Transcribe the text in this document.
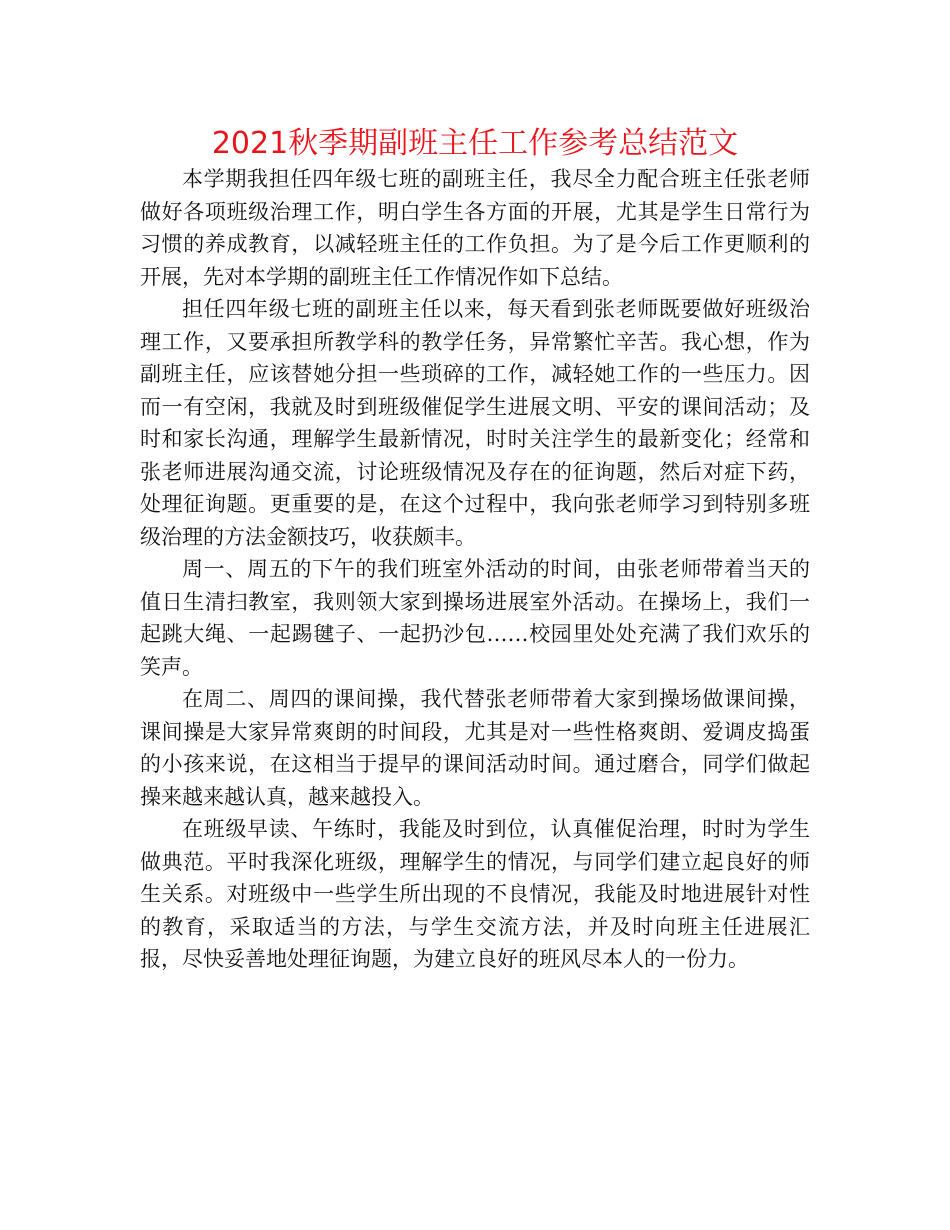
2021秋季期副班主任工作参考总结范文

本学期我担任四年级七班的副班主任，我尽全力配合班主任张老师做好各项班级治理工作，明白学生各方面的开展，尤其是学生日常行为习惯的养成教育，以减轻班主任的工作负担。为了是今后工作更顺利的开展，先对本学期的副班主任工作情况作如下总结。

担任四年级七班的副班主任以来，每天看到张老师既要做好班级治理工作，又要承担所教学科的教学任务，异常繁忙辛苦。我心想，作为副班主任，应该替她分担一些琐碎的工作，减轻她工作的一些压力。因而一有空闲，我就及时到班级催促学生进展文明、平安的课间活动；及时和家长沟通，理解学生最新情况，时时关注学生的最新变化；经常和张老师进展沟通交流，讨论班级情况及存在的征询题，然后对症下药，处理征询题。更重要的是，在这个过程中，我向张老师学习到特别多班级治理的方法金额技巧，收获颇丰。

周一、周五的下午的我们班室外活动的时间，由张老师带着当天的值日生清扫教室，我则领大家到操场进展室外活动。在操场上，我们一起跳大绳、一起踢毽子、一起扔沙包……校园里处处充满了我们欢乐的笑声。

在周二、周四的课间操，我代替张老师带着大家到操场做课间操，课间操是大家异常爽朗的时间段，尤其是对一些性格爽朗、爱调皮捣蛋的小孩来说，在这相当于提早的课间活动时间。通过磨合，同学们做起操来越来越认真，越来越投入。

在班级早读、午练时，我能及时到位，认真催促治理，时时为学生做典范。平时我深化班级，理解学生的情况，与同学们建立起良好的师生关系。对班级中一些学生所出现的不良情况，我能及时地进展针对性的教育，采取适当的方法，与学生交流方法，并及时向班主任进展汇报，尽快妥善地处理征询题，为建立良好的班风尽本人的一份力。
